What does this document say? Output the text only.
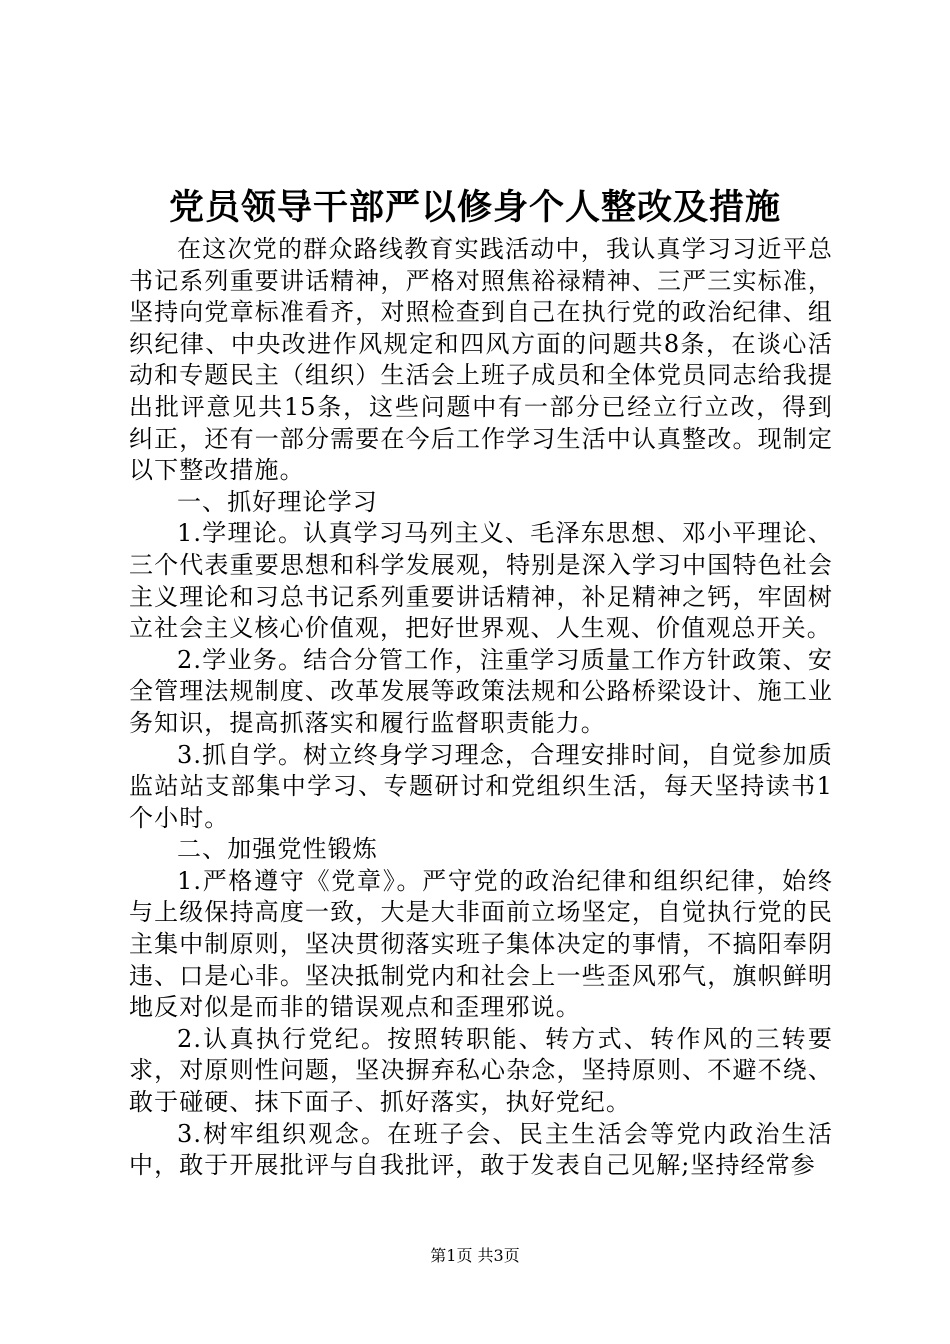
党员领导干部严以修身个人整改及措施

在这次党的群众路线教育实践活动中，我认真学习习近平总书记系列重要讲话精神，严格对照焦裕禄精神、三严三实标准，坚持向党章标准看齐，对照检查到自己在执行党的政治纪律、组织纪律、中央改进作风规定和四风方面的问题共8条，在谈心活动和专题民主（组织）生活会上班子成员和全体党员同志给我提出批评意见共15条，这些问题中有一部分已经立行立改，得到纠正，还有一部分需要在今后工作学习生活中认真整改。现制定以下整改措施。

一、抓好理论学习

1.学理论。认真学习马列主义、毛泽东思想、邓小平理论、三个代表重要思想和科学发展观，特别是深入学习中国特色社会主义理论和习总书记系列重要讲话精神，补足精神之钙，牢固树立社会主义核心价值观，把好世界观、人生观、价值观总开关。

2.学业务。结合分管工作，注重学习质量工作方针政策、安全管理法规制度、改革发展等政策法规和公路桥梁设计、施工业务知识，提高抓落实和履行监督职责能力。

3.抓自学。树立终身学习理念，合理安排时间，自觉参加质监站站支部集中学习、专题研讨和党组织生活，每天坚持读书1个小时。

二、加强党性锻炼

1.严格遵守《党章》。严守党的政治纪律和组织纪律，始终与上级保持高度一致，大是大非面前立场坚定，自觉执行党的民主集中制原则，坚决贯彻落实班子集体决定的事情，不搞阳奉阴违、口是心非。坚决抵制党内和社会上一些歪风邪气，旗帜鲜明地反对似是而非的错误观点和歪理邪说。

2.认真执行党纪。按照转职能、转方式、转作风的三转要求，对原则性问题，坚决摒弃私心杂念，坚持原则、不避不绕、敢于碰硬、抹下面子、抓好落实，执好党纪。

3.树牢组织观念。在班子会、民主生活会等党内政治生活中，敢于开展批评与自我批评，敢于发表自己见解;坚持经常参

第1页 共3页
